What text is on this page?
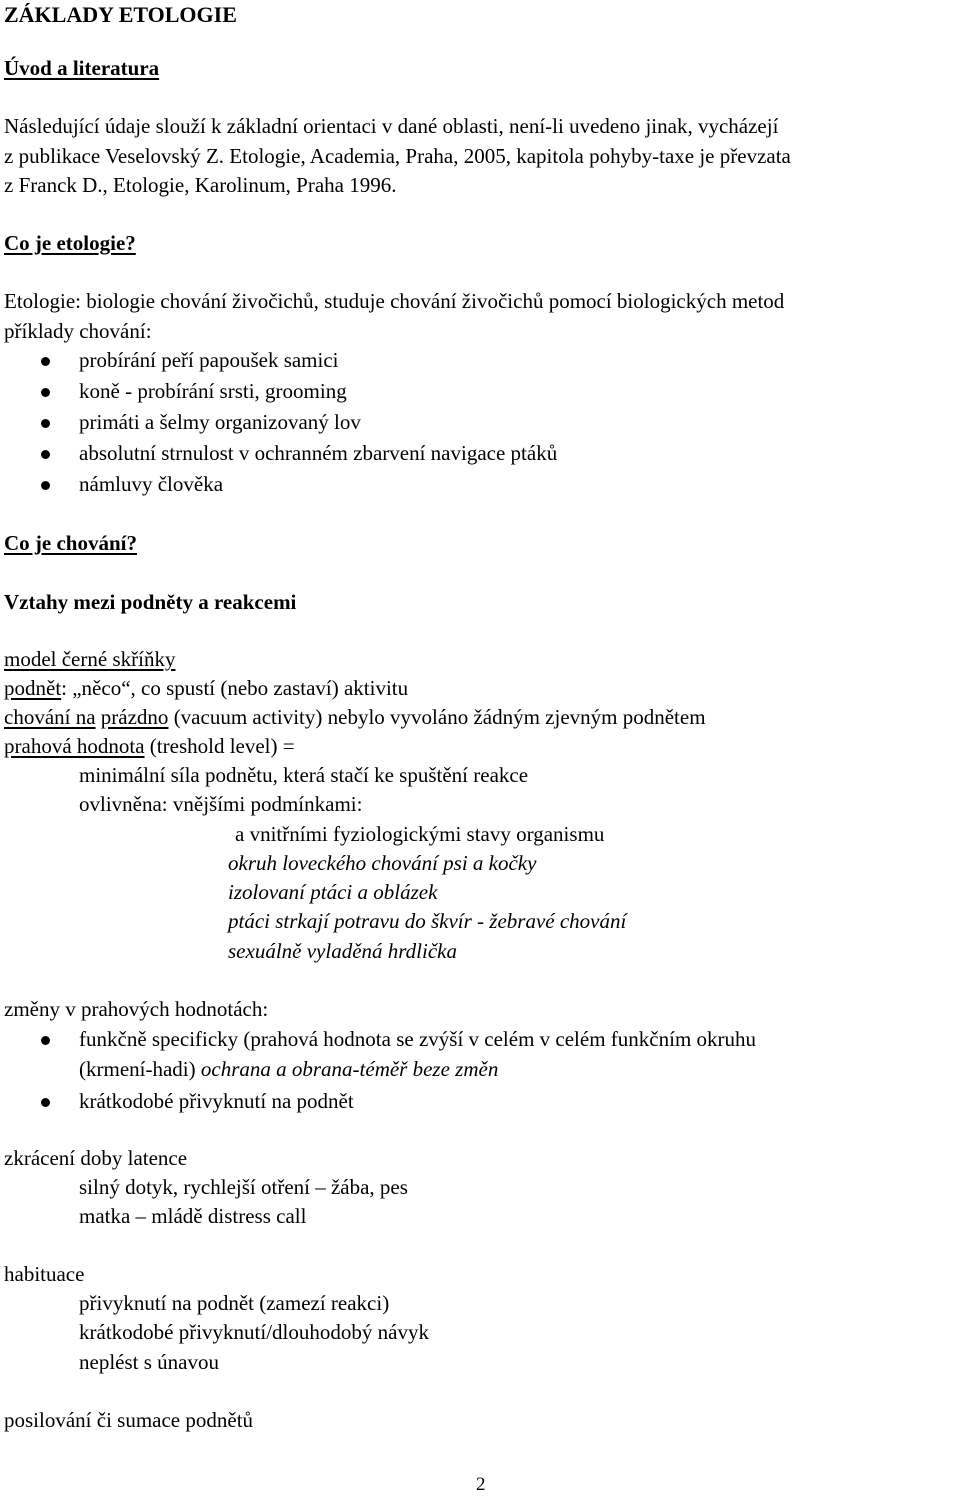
ZÁKLADY ETOLOGIE
Úvod a literatura
Následující údaje slouží k základní orientaci v dané oblasti, není-li uvedeno jinak, vycházejí
z publikace Veselovský Z. Etologie, Academia, Praha, 2005, kapitola pohyby-taxe je převzata
z Franck D., Etologie, Karolinum, Praha 1996.
Co je etologie?
Etologie: biologie chování živočichů, studuje chování živočichů pomocí biologických metod
příklady chování:
probírání peří papoušek samici
koně - probírání srsti, grooming
primáti a šelmy organizovaný lov
absolutní strnulost v ochranném zbarvení navigace ptáků
námluvy člověka
Co je chování?
Vztahy mezi podněty a reakcemi
model černé skříňky
podnět: „něco“, co spustí (nebo zastaví) aktivitu
chování na prázdno (vacuum activity) nebylo vyvoláno žádným zjevným podnětem
prahová hodnota (treshold level) =
minimální síla podnětu, která stačí ke spuštění reakce
ovlivněna: vnějšími podmínkami:
a vnitřními fyziologickými stavy organismu
okruh loveckého chování psi a kočky
izolovaní ptáci a oblázek
ptáci strkají potravu do škvír - žebravé chování
sexuálně vyladěná hrdlička
změny v prahových hodnotách:
funkčně specificky (prahová hodnota se zvýší v celém v celém funkčním okruhu
(krmení-hadi) ochrana a obrana-téměř beze změn
krátkodobé přivyknutí na podnět
zkrácení doby latence
silný dotyk, rychlejší otření – žába, pes
matka – mládě distress call
habituace
přivyknutí na podnět (zamezí reakci)
krátkodobé přivyknutí/dlouhodobý návyk
neplést s únavou
posilování či sumace podnětů
2
